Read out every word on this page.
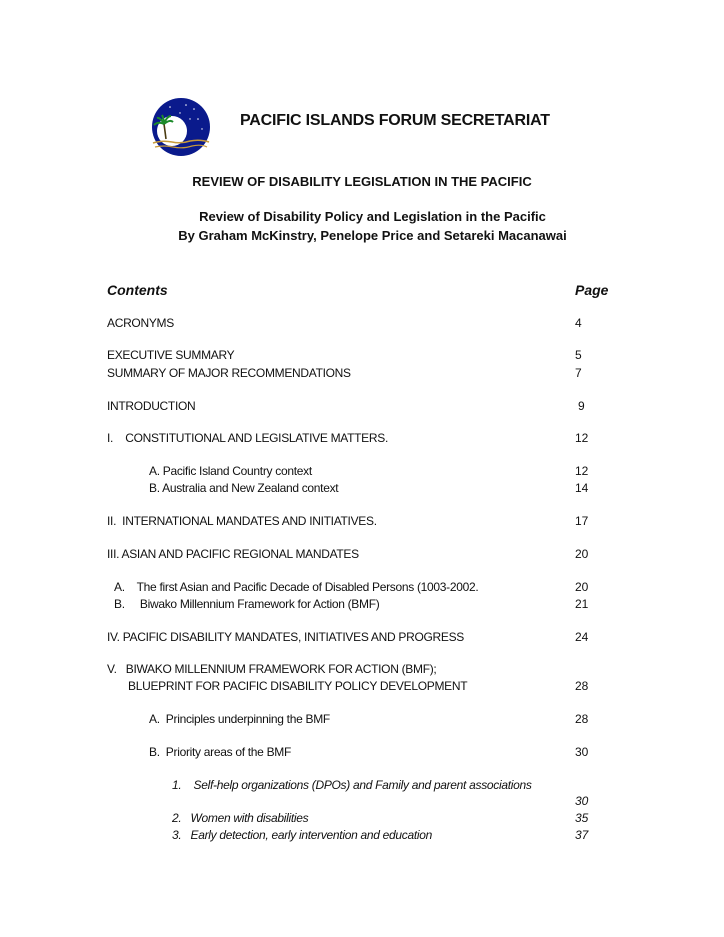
PACIFIC ISLANDS FORUM SECRETARIAT
REVIEW OF DISABILITY LEGISLATION IN THE PACIFIC
Review of Disability Policy and Legislation in the Pacific
By Graham McKinstry, Penelope Price and Setareki Macanawai
Contents	Page
ACRONYMS	4
EXECUTIVE SUMMARY	5
SUMMARY OF MAJOR RECOMMENDATIONS	7
INTRODUCTION	9
I.    CONSTITUTIONAL AND LEGISLATIVE MATTERS.	12
A. Pacific Island Country context	12
B. Australia and New Zealand context	14
II.  INTERNATIONAL MANDATES AND INITIATIVES.	17
III. ASIAN AND PACIFIC REGIONAL MANDATES	20
A.    The first Asian and Pacific Decade of Disabled Persons (1003-2002.	20
B.     Biwako Millennium Framework for Action (BMF)	21
IV. PACIFIC DISABILITY MANDATES, INITIATIVES AND PROGRESS	24
V.   BIWAKO MILLENNIUM FRAMEWORK FOR ACTION (BMF);
BLUEPRINT FOR PACIFIC DISABILITY POLICY DEVELOPMENT	28
A.  Principles underpinning the BMF	28
B.  Priority areas of the BMF	30
1.    Self-help organizations (DPOs) and Family and parent associations
30
2.   Women with disabilities	35
3.   Early detection, early intervention and education	37
